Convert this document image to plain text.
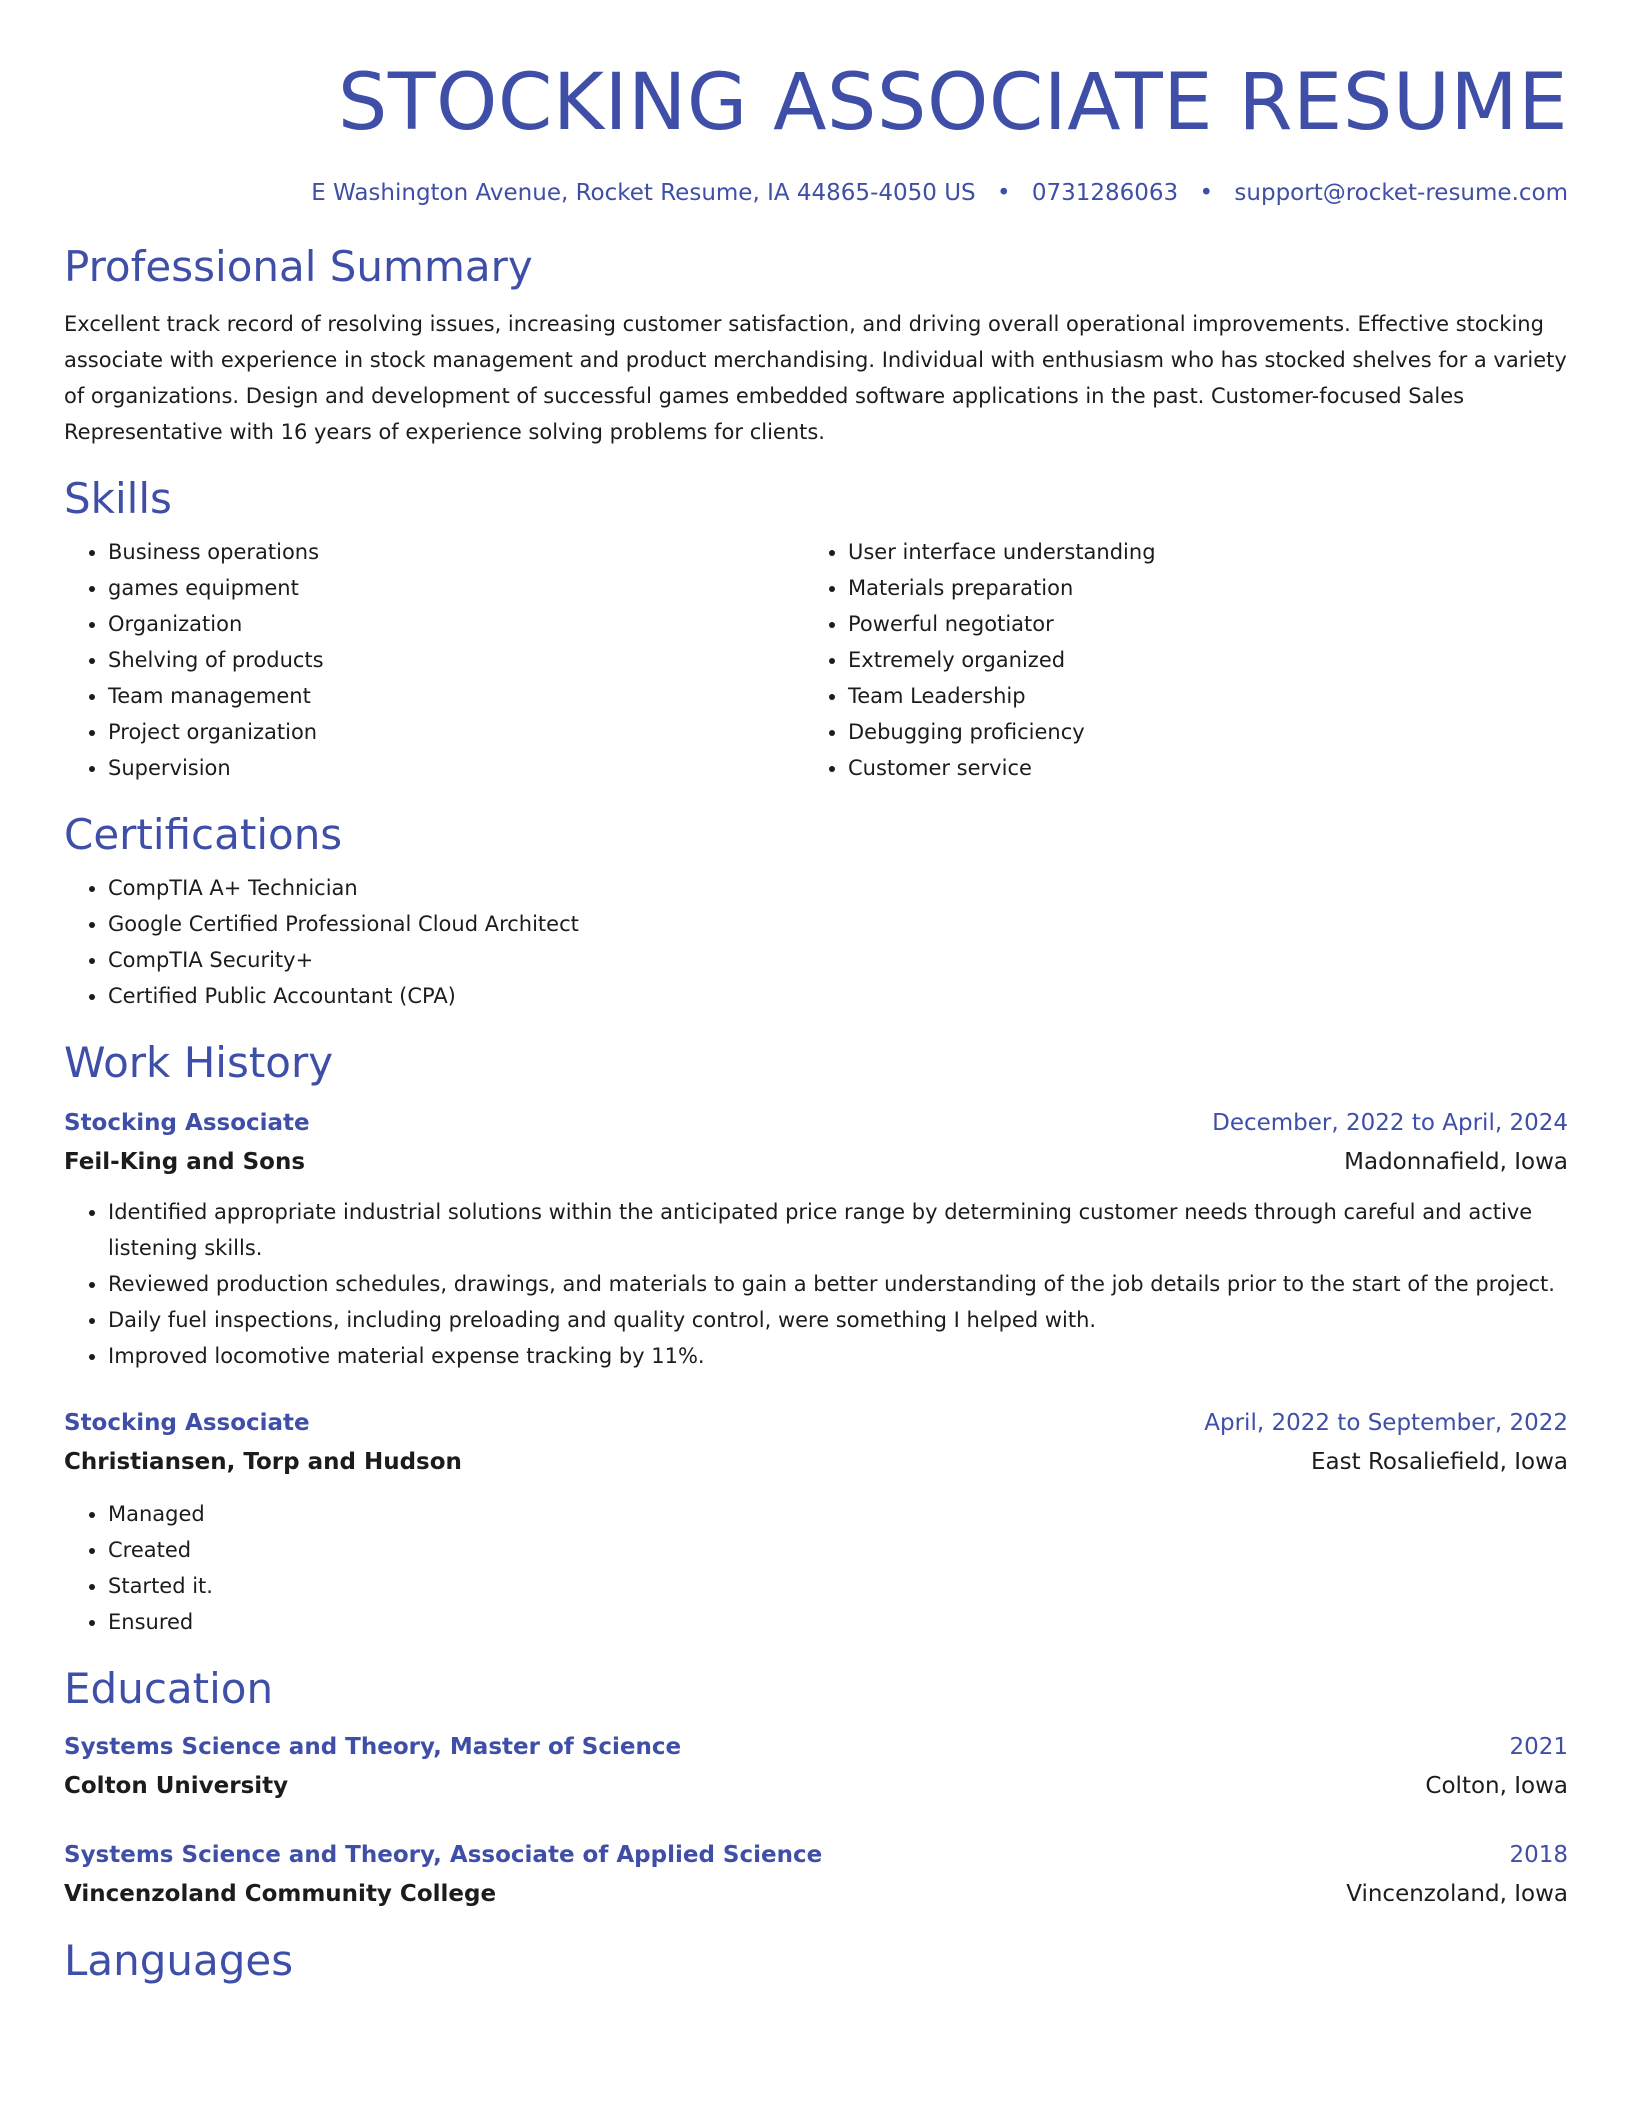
STOCKING ASSOCIATE RESUME
E Washington Avenue, Rocket Resume, IA 44865-4050 US • 0731286063 • support@rocket-resume.com
Professional Summary

Excellent track record of resolving issues, increasing customer satisfaction, and driving overall operational improvements. Effective stocking associate with experience in stock management and product merchandising. Individual with enthusiasm who has stocked shelves for a variety of organizations. Design and development of successful games embedded software applications in the past. Customer-focused Sales Representative with 16 years of experience solving problems for clients.

Skills
• Business operations
• games equipment
• Organization
• Shelving of products
• Team management
• Project organization
• Supervision
• User interface understanding
• Materials preparation
• Powerful negotiator
• Extremely organized
• Team Leadership
• Debugging proficiency
• Customer service
Certifications
• CompTIA A+ Technician
• Google Certified Professional Cloud Architect
• CompTIA Security+
• Certified Public Accountant (CPA)
Work History
Stocking Associate	December, 2022 to April, 2024
Feil-King and Sons	Madonnafield, Iowa
• Identified appropriate industrial solutions within the anticipated price range by determining customer needs through careful and active listening skills.
• Reviewed production schedules, drawings, and materials to gain a better understanding of the job details prior to the start of the project.
• Daily fuel inspections, including preloading and quality control, were something I helped with.
• Improved locomotive material expense tracking by 11%.
Stocking Associate	April, 2022 to September, 2022
Christiansen, Torp and Hudson	East Rosaliefield, Iowa
• Managed
• Created
• Started it.
• Ensured
Education
Systems Science and Theory, Master of Science	2021
Colton University	Colton, Iowa
Systems Science and Theory, Associate of Applied Science	2018
Vincenzoland Community College	Vincenzoland, Iowa
Languages
